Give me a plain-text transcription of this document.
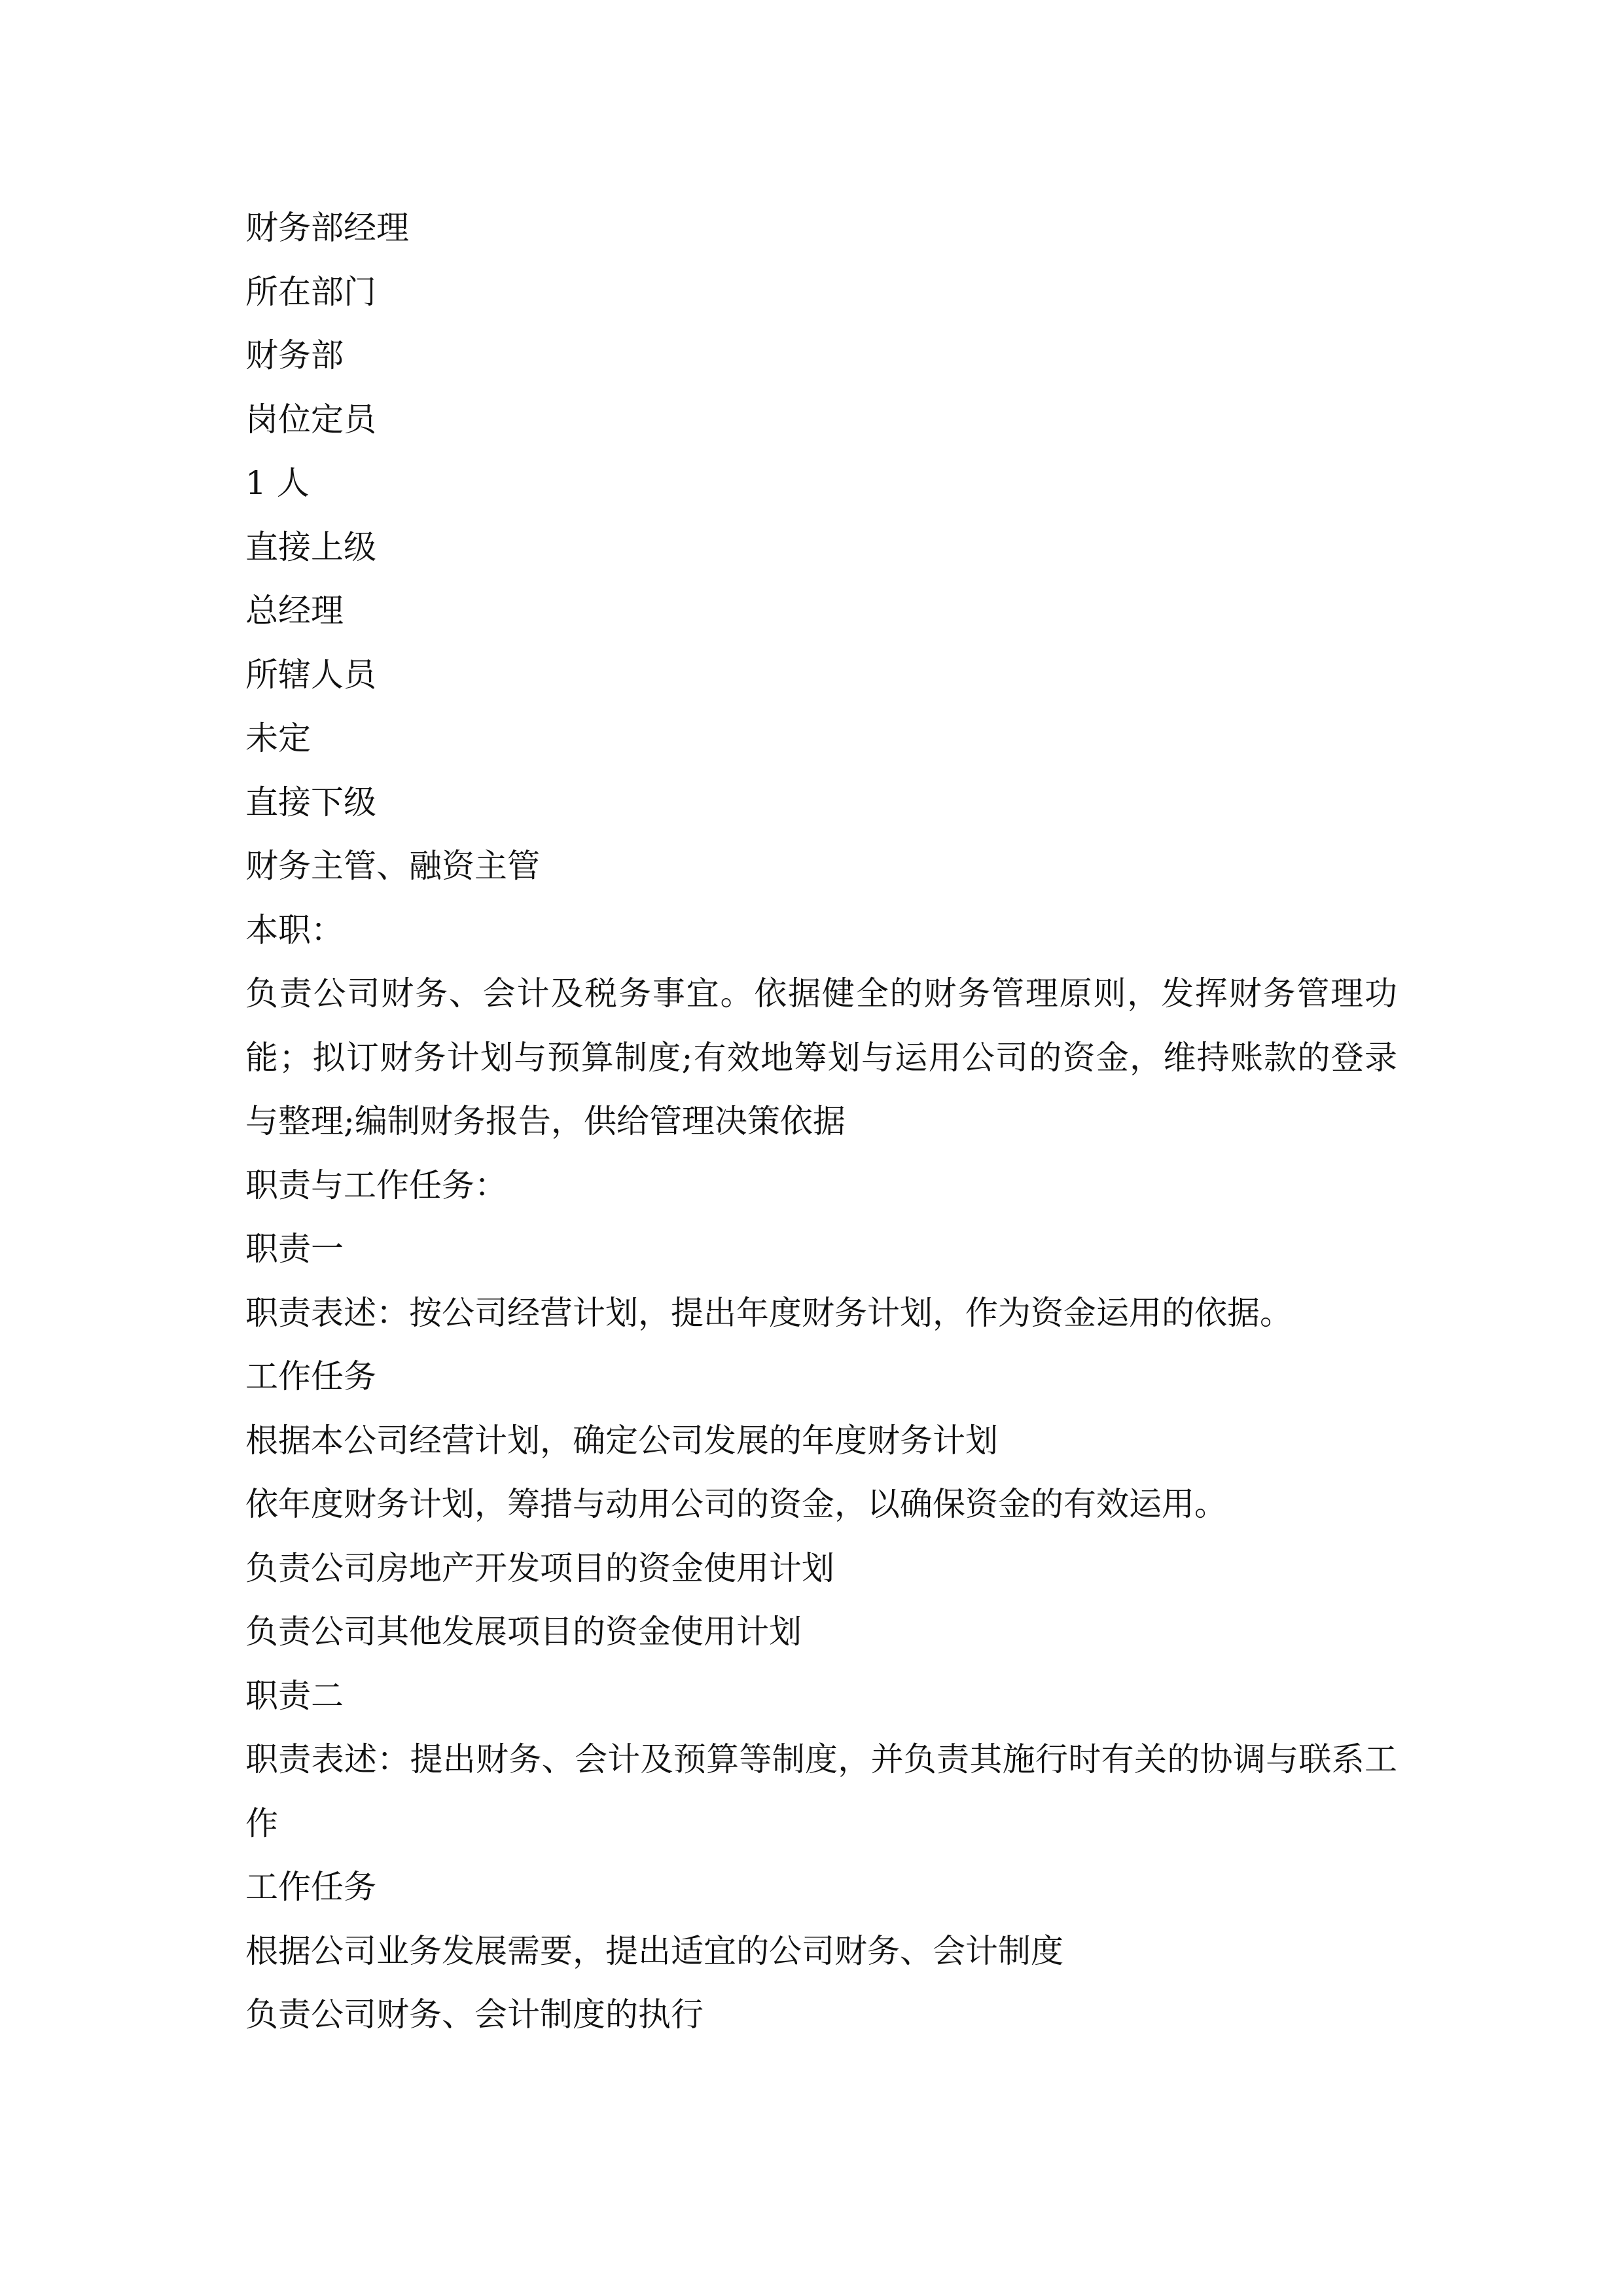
财务部经理

所在部门

财务部

岗位定员

1 人

直接上级

总经理

所辖人员

未定

直接下级

财务主管、融资主管

本职：

负责公司财务、会计及税务事宜。依据健全的财务管理原则，发挥财务管理功能；拟订财务计划与预算制度;有效地筹划与运用公司的资金，维持账款的登录与整理;编制财务报告，供给管理决策依据

职责与工作任务：

职责一

职责表述：按公司经营计划，提出年度财务计划，作为资金运用的依据。

工作任务

根据本公司经营计划，确定公司发展的年度财务计划

依年度财务计划，筹措与动用公司的资金，以确保资金的有效运用。

负责公司房地产开发项目的资金使用计划

负责公司其他发展项目的资金使用计划

职责二

职责表述：提出财务、会计及预算等制度，并负责其施行时有关的协调与联系工作

工作任务

根据公司业务发展需要，提出适宜的公司财务、会计制度

负责公司财务、会计制度的执行
